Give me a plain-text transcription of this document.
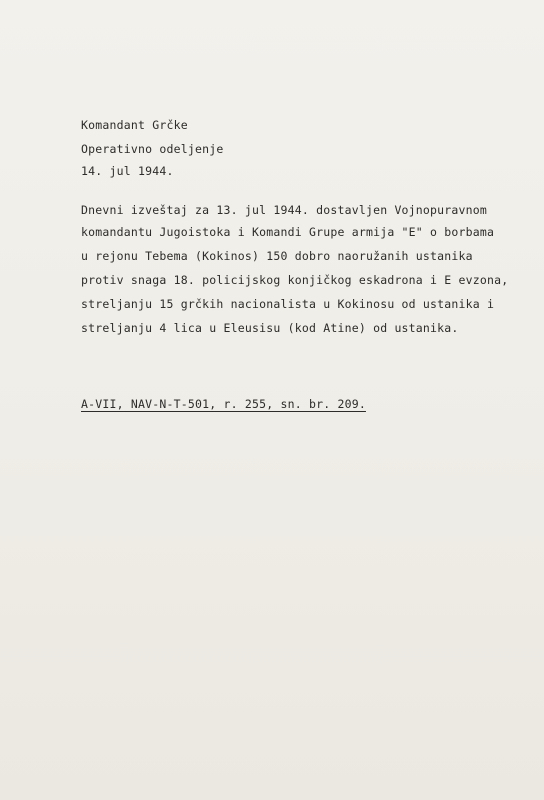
Komandant Grčke
Operativno odeljenje
14. jul 1944.
Dnevni izveštaj za 13. jul 1944. dostavljen Vojnopuravnom
komandantu Jugoistoka i Komandi Grupe armija "E" o borbama
u rejonu Tebema (Kokinos) 150 dobro naoružanih ustanika
protiv snaga 18. policijskog konjičkog eskadrona i E evzona,
streljanju 15 grčkih nacionalista u Kokinosu od ustanika i
streljanju 4 lica u Eleusisu (kod Atine) od ustanika.
A-VII, NAV-N-T-501, r. 255, sn. br. 209.
